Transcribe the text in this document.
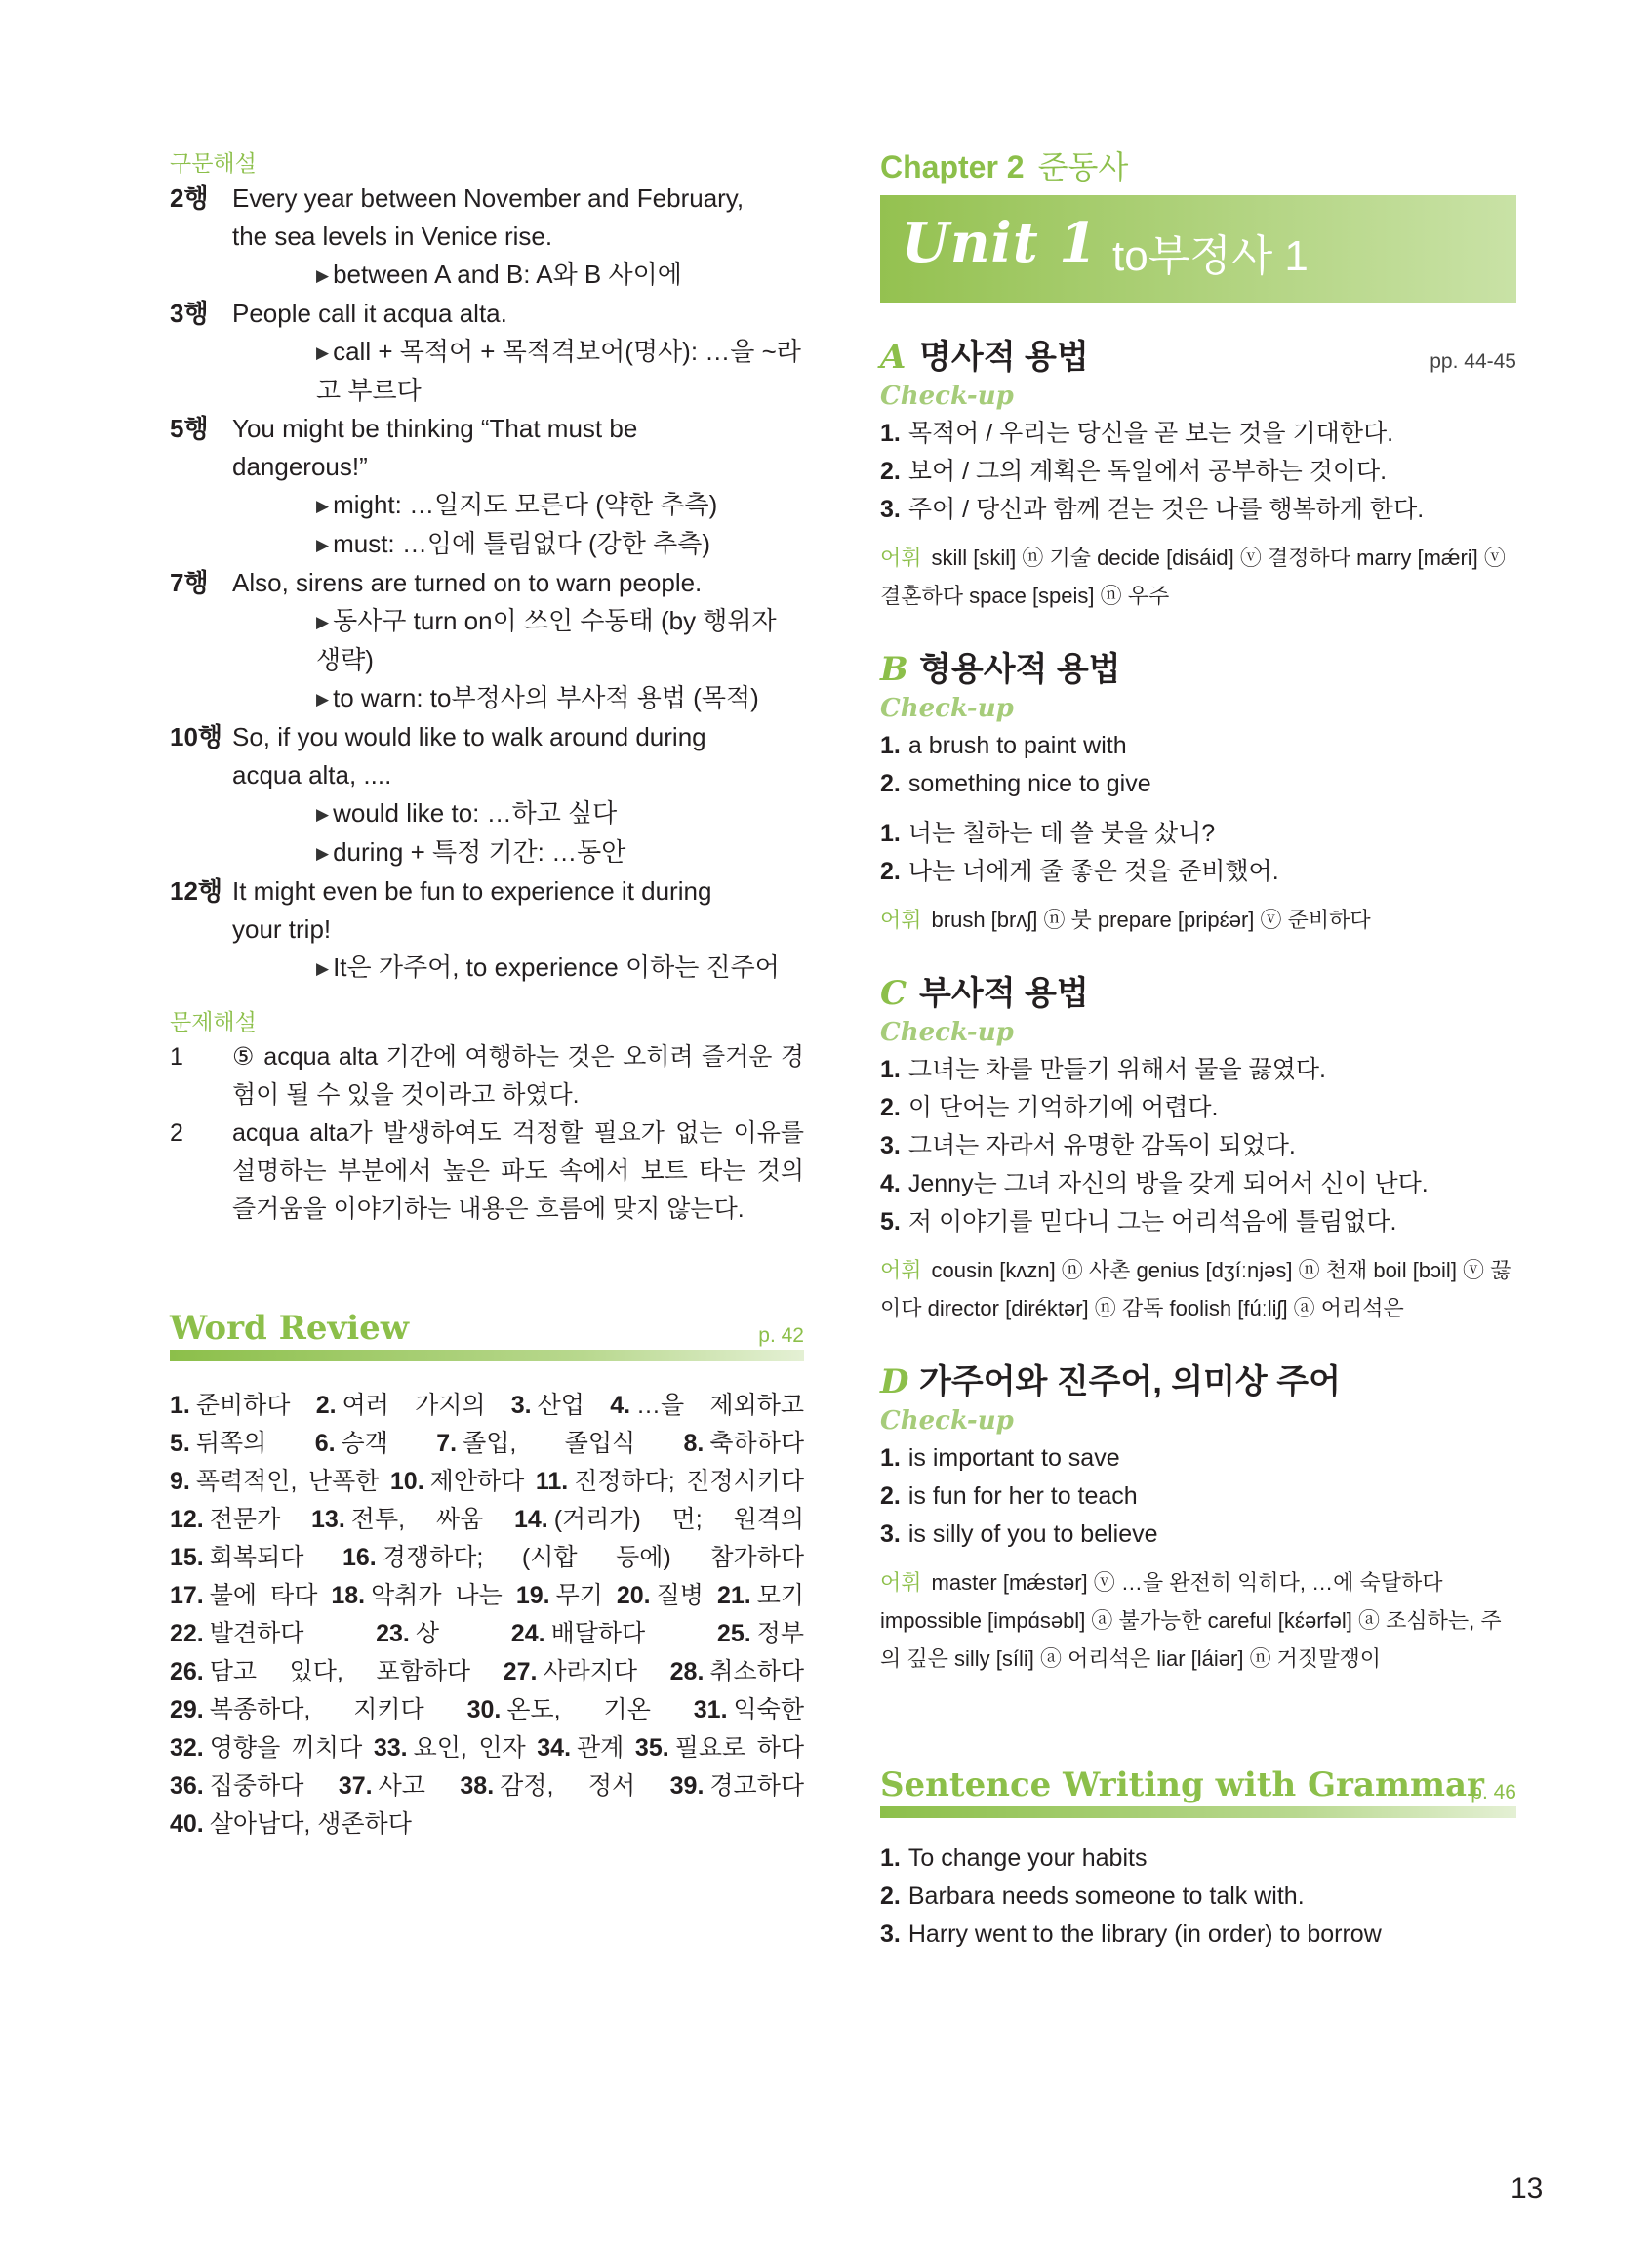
구문해설
2행 Every year between November and February,
the sea levels in Venice rise.
▶ between A and B: A와 B 사이에
3행 People call it acqua alta.
▶ call + 목적어 + 목적격보어(명사): …을 ~라고 부르다
5행 You might be thinking “That must be
dangerous!”
▶ might: …일지도 모른다 (약한 추측)
▶ must: …임에 틀림없다 (강한 추측)
7행 Also, sirens are turned on to warn people.
▶ 동사구 turn on이 쓰인 수동태 (by 행위자 생략)
▶ to warn: to부정사의 부사적 용법 (목적)
10행 So, if you would like to walk around during
acqua alta, ....
▶ would like to: …하고 싶다
▶ during + 특정 기간: …동안
12행 It might even be fun to experience it during
your trip!
▶ It은 가주어, to experience 이하는 진주어
문제해설
1	⑤ acqua alta 기간에 여행하는 것은 오히려 즐거운 경험이 될 수 있을 것이라고 하였다.
2	acqua alta가 발생하여도 걱정할 필요가 없는 이유를 설명하는 부분에서 높은 파도 속에서 보트 타는 것의 즐거움을 이야기하는 내용은 흐름에 맞지 않는다.
Word Review	p. 42
1. 준비하다 2. 여러 가지의 3. 산업 4. …을 제외하고 5. 뒤쪽의 6. 승객 7. 졸업, 졸업식 8. 축하하다 9. 폭력적인, 난폭한 10. 제안하다 11. 진정하다; 진정시키다 12. 전문가 13. 전투, 싸움 14. (거리가) 먼; 원격의 15. 회복되다 16. 경쟁하다; (시합 등에) 참가하다 17. 불에 타다 18. 악취가 나는 19. 무기 20. 질병 21. 모기 22. 발견하다	23. 상	24. 배달하다	25. 정부 26. 담고 있다, 포함하다 27. 사라지다 28. 취소하다 29. 복종하다, 지키다 30. 온도, 기온 31. 익숙한 32. 영향을 끼치다 33. 요인, 인자 34. 관계 35. 필요로 하다 36. 집중하다 37. 사고 38. 감정, 정서 39. 경고하다 40. 살아남다, 생존하다
Chapter 2 준동사
Unit 1 to부정사 1
A 명사적 용법	pp. 44-45
Check-up
1. 목적어 / 우리는 당신을 곧 보는 것을 기대한다.
2. 보어 / 그의 계획은 독일에서 공부하는 것이다.
3. 주어 / 당신과 함께 걷는 것은 나를 행복하게 한다.
어휘 skill [skil] ⓝ 기술 decide [disáid] ⓥ 결정하다 marry [mǽri] ⓥ 결혼하다 space [speis] ⓝ 우주
B 형용사적 용법
Check-up
1. a brush to paint with
2. something nice to give
1. 너는 칠하는 데 쓸 붓을 샀니?
2. 나는 너에게 줄 좋은 것을 준비했어.
어휘 brush [brʌʃ] ⓝ 붓 prepare [pripɛ́ər] ⓥ 준비하다
C 부사적 용법
Check-up
1. 그녀는 차를 만들기 위해서 물을 끓였다.
2. 이 단어는 기억하기에 어렵다.
3. 그녀는 자라서 유명한 감독이 되었다.
4. Jenny는 그녀 자신의 방을 갖게 되어서 신이 난다.
5. 저 이야기를 믿다니 그는 어리석음에 틀림없다.
어휘 cousin [kʌzn] ⓝ 사촌 genius [dʒíːnjəs] ⓝ 천재 boil [bɔil] ⓥ 끓이다 director [diréktər] ⓝ 감독 foolish [fúːliʃ] ⓐ 어리석은
D 가주어와 진주어, 의미상 주어
Check-up
1. is important to save
2. is fun for her to teach
3. is silly of you to believe
어휘 master [mǽstər] ⓥ …을 완전히 익히다, …에 숙달하다 impossible [impɑ́səbl] ⓐ 불가능한 careful [kɛ́ərfəl] ⓐ 조심하는, 주의 깊은 silly [síli] ⓐ 어리석은 liar [láiər] ⓝ 거짓말쟁이
Sentence Writing with Grammar
p. 46
1. To change your habits
2. Barbara needs someone to talk with.
3. Harry went to the library (in order) to borrow
13
